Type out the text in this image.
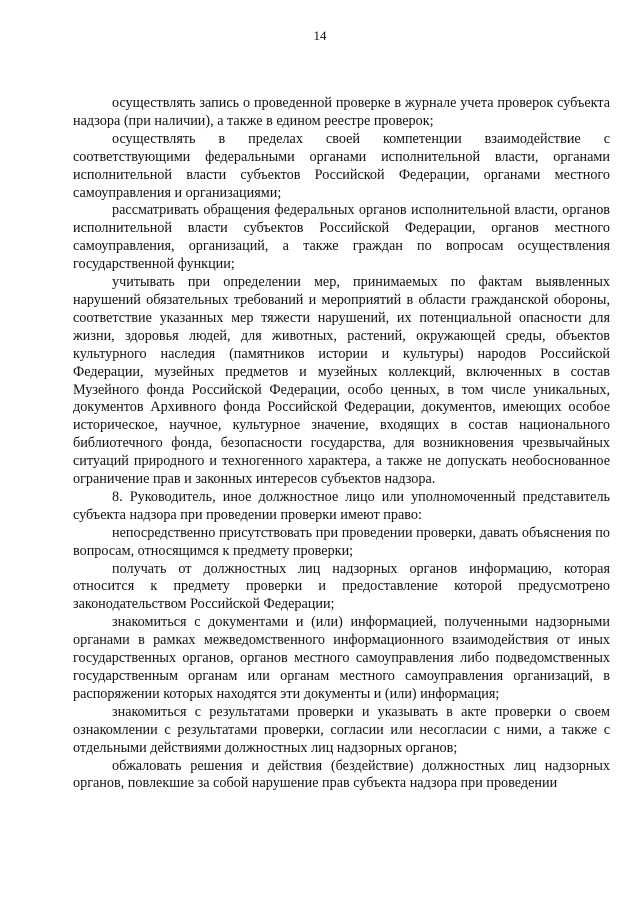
14

осуществлять запись о проведенной проверке в журнале учета проверок субъекта надзора (при наличии), а также в едином реестре проверок;

осуществлять в пределах своей компетенции взаимодействие с соответствующими федеральными органами исполнительной власти, органами исполнительной власти субъектов Российской Федерации, органами местного самоуправления и организациями;

рассматривать обращения федеральных органов исполнительной власти, органов исполнительной власти субъектов Российской Федерации, органов местного самоуправления, организаций, а также граждан по вопросам осуществления государственной функции;

учитывать при определении мер, принимаемых по фактам выявленных нарушений обязательных требований и мероприятий в области гражданской обороны, соответствие указанных мер тяжести нарушений, их потенциальной опасности для жизни, здоровья людей, для животных, растений, окружающей среды, объектов культурного наследия (памятников истории и культуры) народов Российской Федерации, музейных предметов и музейных коллекций, включенных в состав Музейного фонда Российской Федерации, особо ценных, в том числе уникальных, документов Архивного фонда Российской Федерации, документов, имеющих особое историческое, научное, культурное значение, входящих в состав национального библиотечного фонда, безопасности государства, для возникновения чрезвычайных ситуаций природного и техногенного характера, а также не допускать необоснованное ограничение прав и законных интересов субъектов надзора.

8. Руководитель, иное должностное лицо или уполномоченный представитель субъекта надзора при проведении проверки имеют право:

непосредственно присутствовать при проведении проверки, давать объяснения по вопросам, относящимся к предмету проверки;

получать от должностных лиц надзорных органов информацию, которая относится к предмету проверки и предоставление которой предусмотрено законодательством Российской Федерации;

знакомиться с документами и (или) информацией, полученными надзорными органами в рамках межведомственного информационного взаимодействия от иных государственных органов, органов местного самоуправления либо подведомственных государственным органам или органам местного самоуправления организаций, в распоряжении которых находятся эти документы и (или) информация;

знакомиться с результатами проверки и указывать в акте проверки о своем ознакомлении с результатами проверки, согласии или несогласии с ними, а также с отдельными действиями должностных лиц надзорных органов;

обжаловать решения и действия (бездействие) должностных лиц надзорных органов, повлекшие за собой нарушение прав субъекта надзора при проведении
